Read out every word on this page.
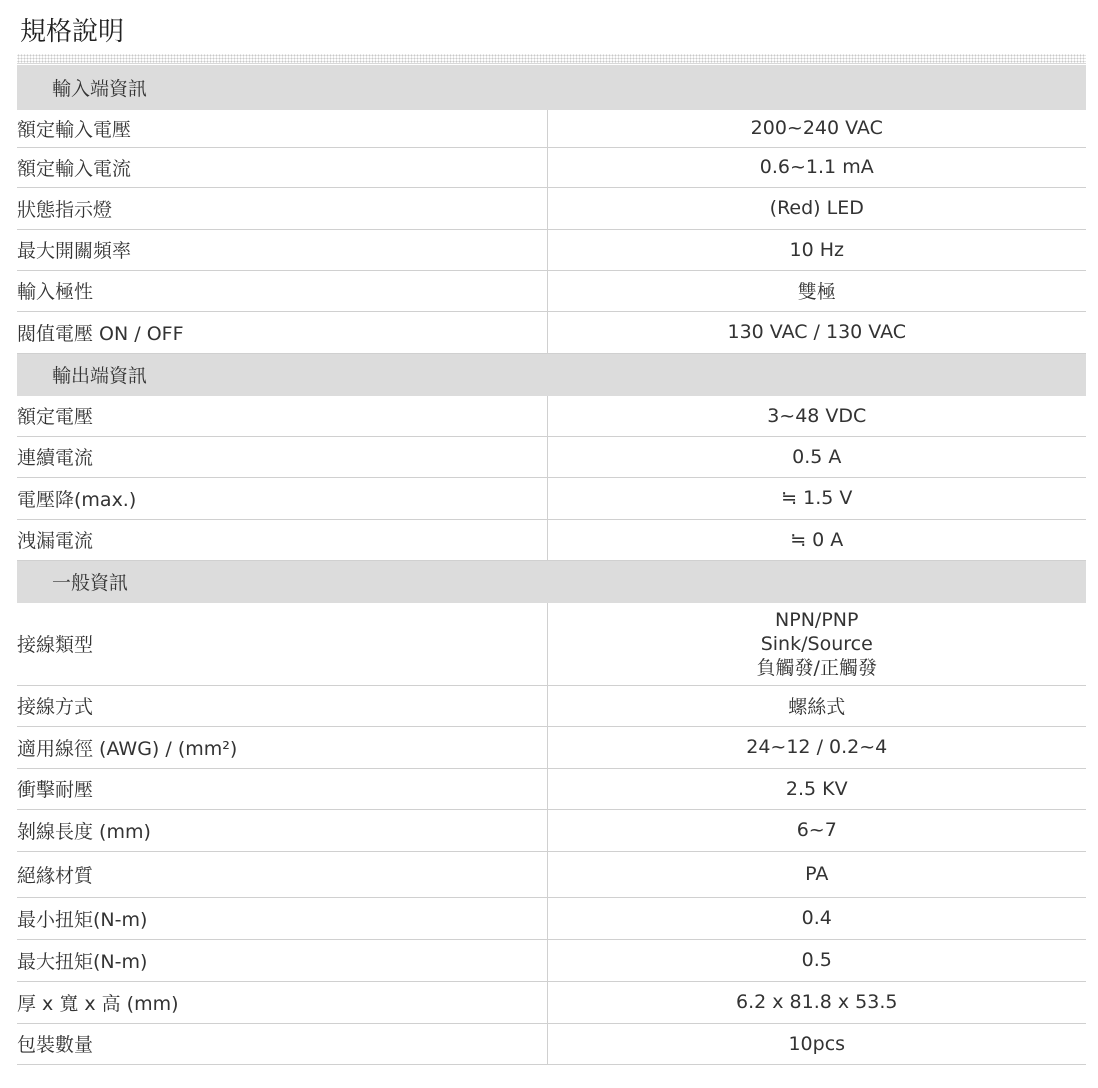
規格說明
輸入端資訊	
額定輸入電壓	200~240 VAC
額定輸入電流	0.6~1.1 mA
狀態指示燈	(Red) LED
最大開關頻率	10 Hz
輸入極性	雙極
閥值電壓 ON / OFF	130 VAC / 130 VAC
輸出端資訊	
額定電壓	3~48 VDC
連續電流	0.5 A
電壓降(max.)	≒ 1.5 V
洩漏電流	≒ 0 A
一般資訊	
接線類型	NPN/PNP
Sink/Source
負觸發/正觸發

接線方式	螺絲式
適用線徑 (AWG) / (mm²)	24~12 / 0.2~4
衝擊耐壓	2.5 KV
剝線長度 (mm)	6~7
絕緣材質	PA
最小扭矩(N-m)	0.4
最大扭矩(N-m)	0.5
厚 x 寬 x 高 (mm)	6.2 x 81.8 x 53.5
包裝數量	10pcs
